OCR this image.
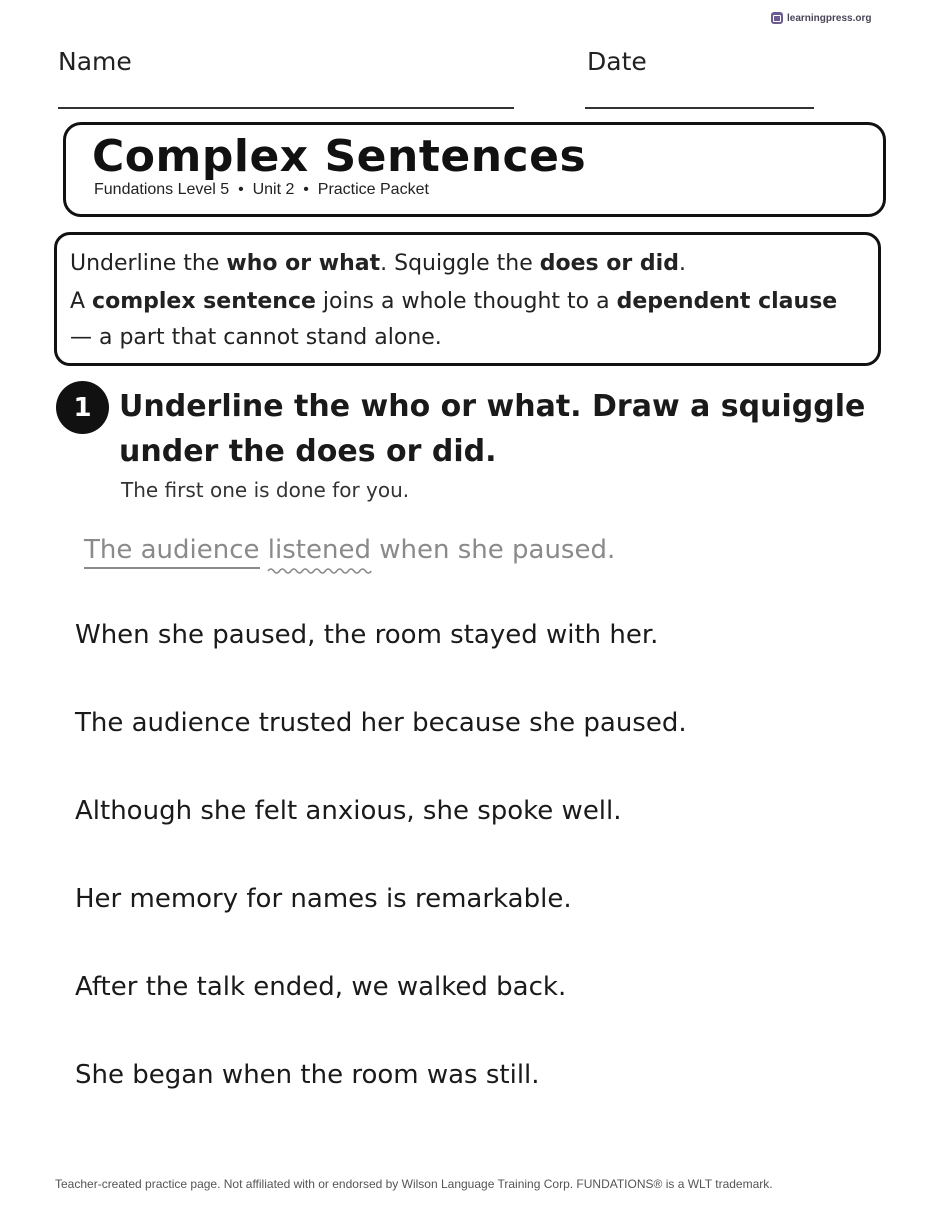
learningpress.org
Name	Date
Complex Sentences
Fundations Level 5  •  Unit 2  •  Practice Packet
Underline the who or what. Squiggle the does or did.
A complex sentence joins a whole thought to a dependent clause — a part that cannot stand alone.
1 Underline the who or what. Draw a squiggle under the does or did.
The first one is done for you.
The audience listened
when she paused.
When she paused, the room stayed with her.
The audience trusted her because she paused.
Although she felt anxious, she spoke well.
Her memory for names is remarkable.
After the talk ended, we walked back.
She began when the room was still.
Teacher-created practice page. Not affiliated with or endorsed by Wilson Language Training Corp. FUNDATIONS® is a WLT trademark.
